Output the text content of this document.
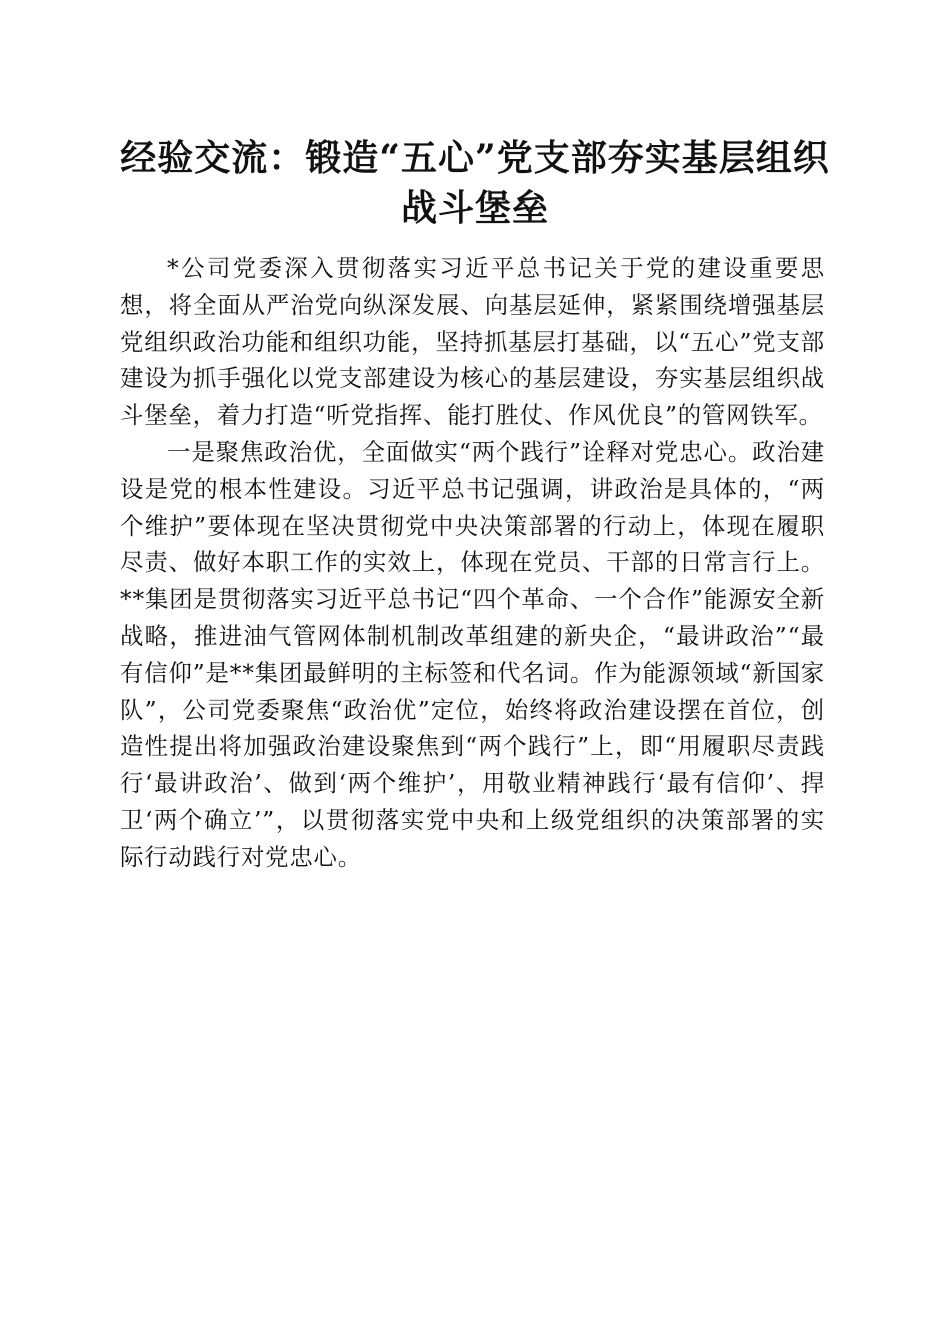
经验交流：锻造“五心”党支部夯实基层组织
战斗堡垒

*公司党委深入贯彻落实习近平总书记关于党的建设重要思想，将全面从严治党向纵深发展、向基层延伸，紧紧围绕增强基层党组织政治功能和组织功能，坚持抓基层打基础，以“五心”党支部建设为抓手强化以党支部建设为核心的基层建设，夯实基层组织战斗堡垒，着力打造“听党指挥、能打胜仗、作风优良”的管网铁军。

一是聚焦政治优，全面做实“两个践行”诠释对党忠心。政治建设是党的根本性建设。习近平总书记强调，讲政治是具体的，“两个维护”要体现在坚决贯彻党中央决策部署的行动上，体现在履职尽责、做好本职工作的实效上，体现在党员、干部的日常言行上。**集团是贯彻落实习近平总书记“四个革命、一个合作”能源安全新战略，推进油气管网体制机制改革组建的新央企，“最讲政治”“最有信仰”是**集团最鲜明的主标签和代名词。作为能源领域“新国家队”，公司党委聚焦“政治优”定位，始终将政治建设摆在首位，创造性提出将加强政治建设聚焦到“两个践行”上，即“用履职尽责践行‘最讲政治’、做到‘两个维护’，用敬业精神践行‘最有信仰’、捍卫‘两个确立’”，以贯彻落实党中央和上级党组织的决策部署的实际行动践行对党忠心。
